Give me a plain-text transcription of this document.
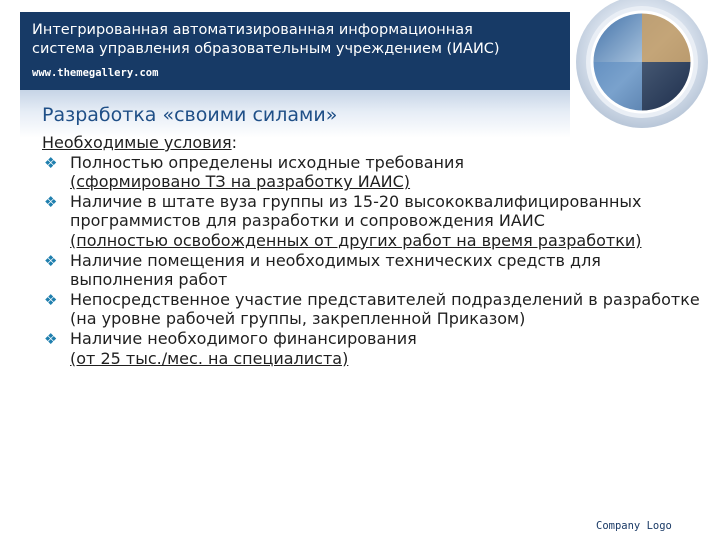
Интегрированная автоматизированная информационная
система управления образовательным учреждением (ИАИС)
www.themegallery.com
Разработка «своими силами»
Необходимые условия:
❖ Полностью определены исходные требования
(сформировано ТЗ на разработку ИАИС)
❖ Наличие в штате вуза группы из 15-20 высококвалифицированных программистов для разработки и сопровождения ИАИС
(полностью освобожденных от других работ на время разработки)
❖ Наличие помещения и необходимых технических средств для выполнения работ
❖ Непосредственное участие представителей подразделений в разработке (на уровне рабочей группы, закрепленной Приказом)
❖ Наличие необходимого финансирования
(от 25 тыс./мес. на специалиста)
Company Logo
